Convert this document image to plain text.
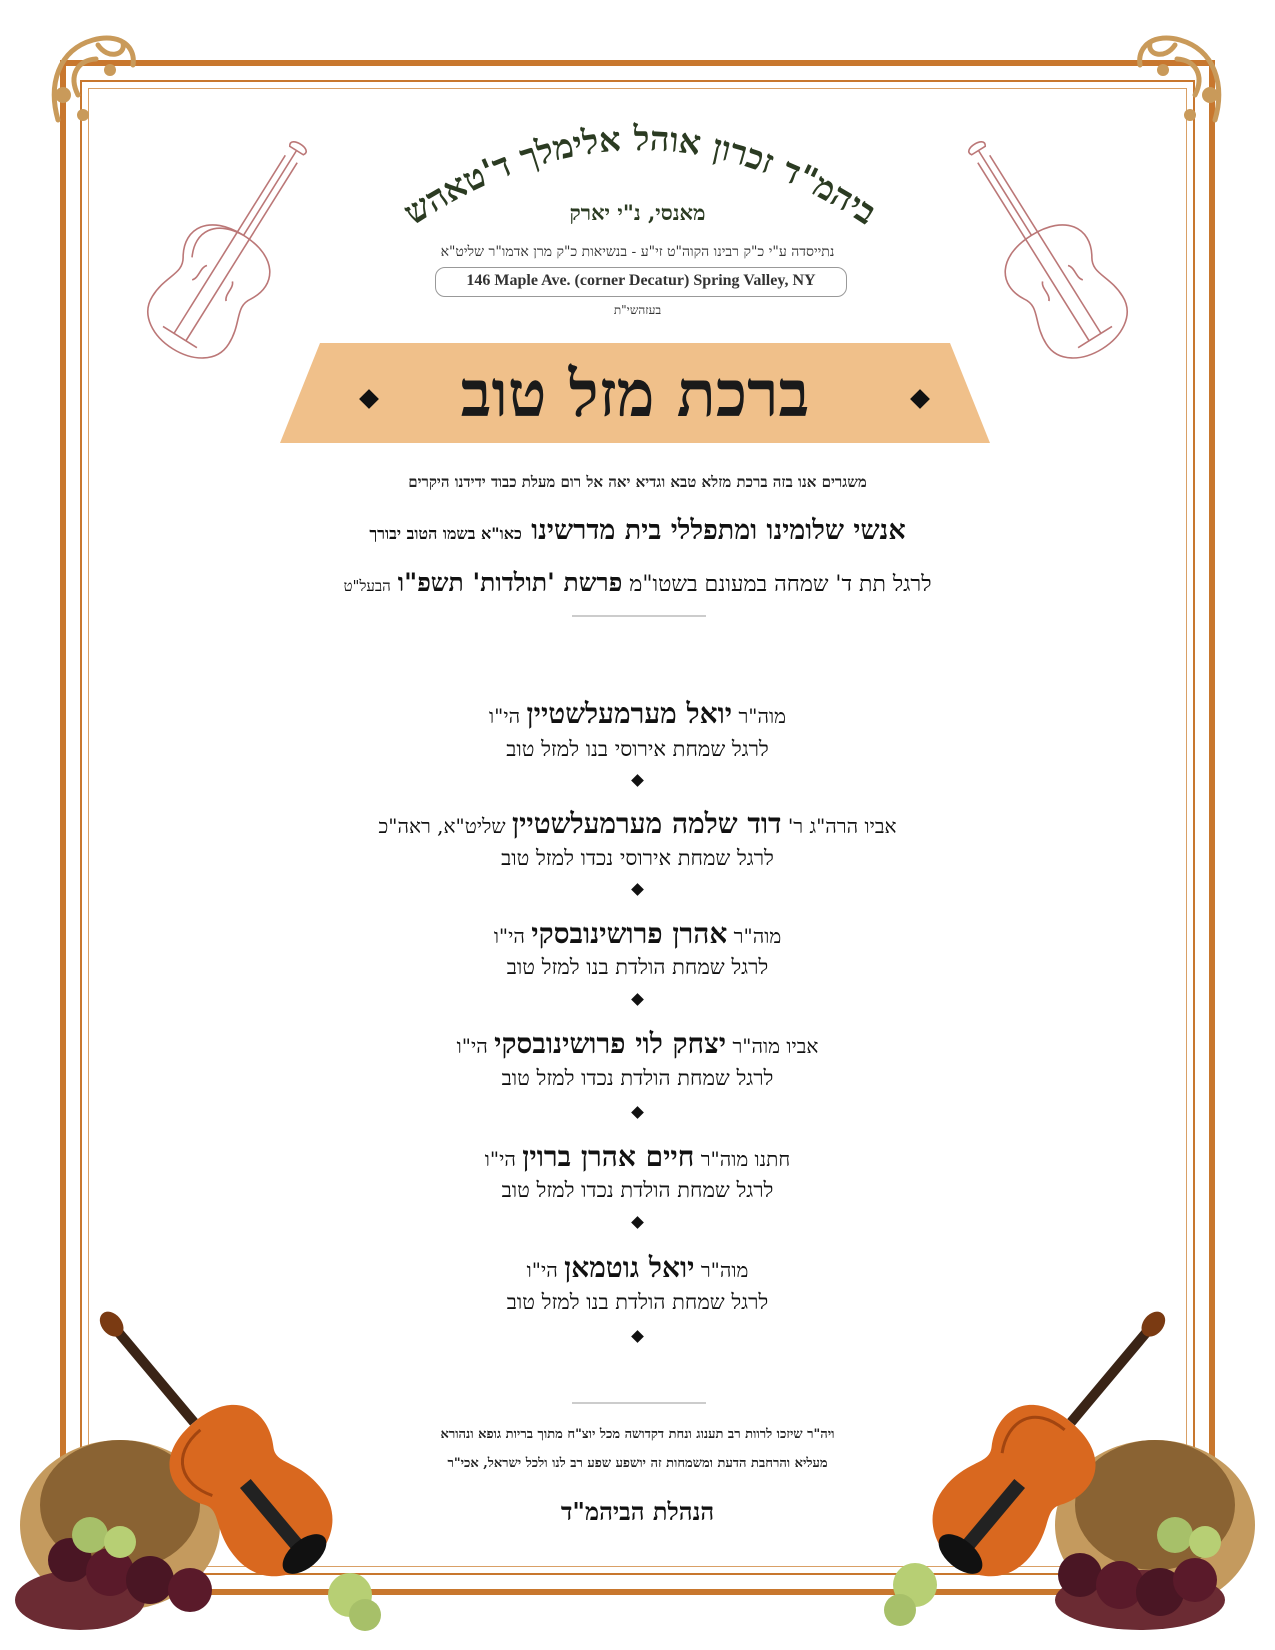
ביהמ"ד זכרון אוהל אלימלך ד'טאהש
מאנסי, נ"י יארק
נתייסדה ע"י כ"ק רבינו הקוה"ט זי"ע - בנשיאות כ"ק מרן אדמו"ר שליט"א
146 Maple Ave. (corner Decatur) Spring Valley, NY
בעזהשי"ת
ברכת מזל טוב
משגרים אנו בזה ברכת מזלא טבא וגדיא יאה אל רום מעלת כבוד ידידנו היקרים
אנשי שלומינו ומתפללי בית מדרשינו כאו"א בשמו הטוב יבורך
לרגל תת ד' שמחה במעונם בשטו"מ פרשת 'תולדות' תשפ"ו הבעל"ט
מוה"ר יואל מערמעלשטיין הי"ו
לרגל שמחת אירוסי בנו למזל טוב
אביו הרה"ג ר' דוד שלמה מערמעלשטיין שליט"א, ראה"כ
לרגל שמחת אירוסי נכדו למזל טוב
מוה"ר אהרן פרושינובסקי הי"ו
לרגל שמחת הולדת בנו למזל טוב
אביו מוה"ר יצחק לוי פרושינובסקי הי"ו
לרגל שמחת הולדת נכדו למזל טוב
חתנו מוה"ר חיים אהרן ברוין הי"ו
לרגל שמחת הולדת נכדו למזל טוב
מוה"ר יואל גוטמאן הי"ו
לרגל שמחת הולדת בנו למזל טוב
ויה"ר שיזכו לרוות רב תענוג ונחת דקדושה מכל יוצ"ח מתוך בריות גופא ונהורא
מעליא והרחבת הדעת ומשמחות זה יושפע שפע רב לנו ולכל ישראל, אכי"ר
הנהלת הביהמ"ד
